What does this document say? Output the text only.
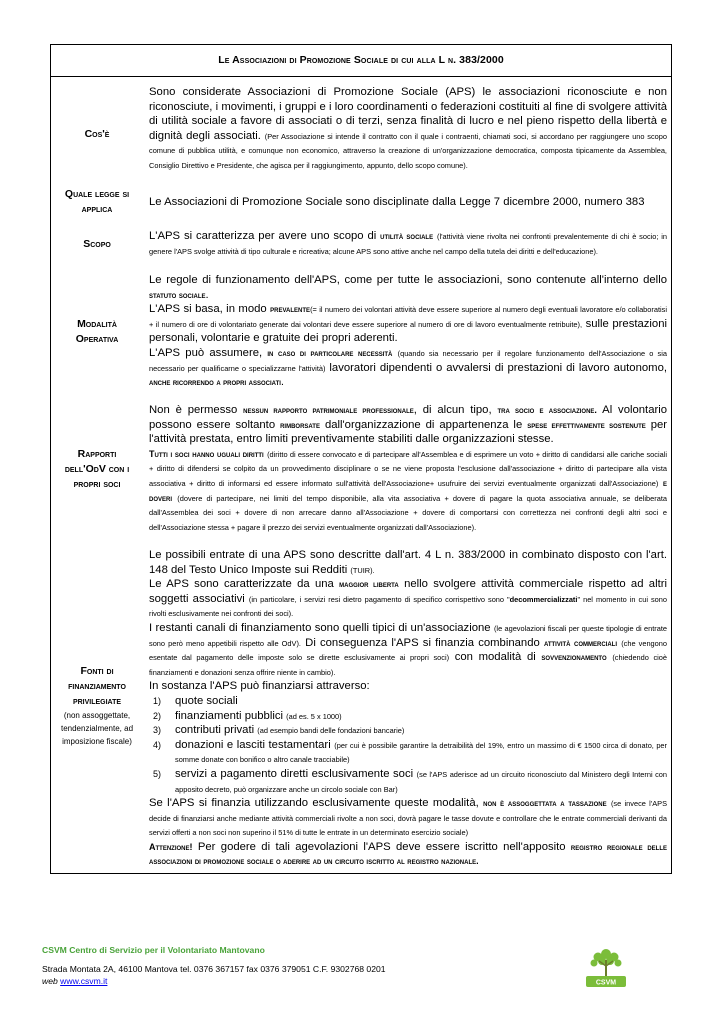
Le Associazioni di Promozione Sociale di cui alla L n. 383/2000
Cos'è
Sono considerate Associazioni di Promozione Sociale (APS) le associazioni riconosciute e non riconosciute, i movimenti, i gruppi e i loro coordinamenti o federazioni costituiti al fine di svolgere attività di utilità sociale a favore di associati o di terzi, senza finalità di lucro e nel pieno rispetto della libertà e dignità degli associati. (Per Associazione si intende il contratto con il quale i contraenti, chiamati soci, si accordano per raggiungere uno scopo comune di pubblica utilità, e comunque non economico, attraverso la creazione di un'organizzazione democratica, composta tipicamente da Assemblea, Consiglio Direttivo e Presidente, che agisca per il raggiungimento, appunto, dello scopo comune).
Quale legge si applica
Le Associazioni di Promozione Sociale sono disciplinate dalla Legge 7 dicembre 2000, numero 383
Scopo
L'APS si caratterizza per avere uno scopo di utilità sociale (l'attività viene rivolta nei confronti prevalentemente di chi è socio; in genere l'APS svolge attività di tipo culturale e ricreativa; alcune APS sono attive anche nel campo della tutela dei diritti e dell'educazione).
Modalità
Operativa

Le regole di funzionamento dell'APS, come per tutte le associazioni, sono contenute all'interno dello statuto sociale.

L'APS si basa, in modo prevalente(= il numero dei volontari attività deve essere superiore al numero degli eventuali lavoratore e/o collaboratisi + il numero di ore di volontariato generate dai volontari deve essere superiore al numero di ore di lavoro eventualmente retribuite), sulle prestazioni personali, volontarie e gratuite dei propri aderenti.

L'APS può assumere, in caso di particolare necessità (quando sia necessario per il regolare funzionamento dell'Associazione o sia necessario per qualificarne o specializzarne l'attività) lavoratori dipendenti o avvalersi di prestazioni di lavoro autonomo, anche ricorrendo a propri associati.

Rapporti
dell'OdV con i
propri soci

Non è permesso nessun rapporto patrimoniale professionale, di alcun tipo, tra socio e associazione. Al volontario possono essere soltanto rimborsate dall'organizzazione di appartenenza le spese effettivamente sostenute per l'attività prestata, entro limiti preventivamente stabiliti dalle organizzazioni stesse.

Tutti i soci hanno uguali diritti (diritto di essere convocato e di partecipare all'Assemblea e di esprimere un voto + diritto di candidarsi alle cariche sociali + diritto di difendersi se colpito da un provvedimento disciplinare o se ne viene proposta l'esclusione dall'associazione + diritto di partecipare alla vista associativa + diritto di informarsi ed essere informato sull'attività dell'Associazione+ usufruire dei servizi eventualmente organizzati dall'Associazione) e doveri (dovere di partecipare, nei limiti del tempo disponibile, alla vita associativa + dovere di pagare la quota associativa annuale, se deliberata dall'Assemblea dei soci + dovere di non arrecare danno all'Associazione + dovere di comportarsi con correttezza nei confronti degli altri soci e dell'Associazione stessa + pagare il prezzo dei servizi eventualmente organizzati dall'Associazione).

Fonti di
finanziamento
privilegiate
(non assoggettate, tendenzialmente, ad imposizione fiscale)

Le possibili entrate di una APS sono descritte dall'art. 4 L n. 383/2000 in combinato disposto con l'art. 148 del Testo Unico Imposte sui Redditi (TUIR).

Le APS sono caratterizzate da una maggior liberta nello svolgere attività commerciale rispetto ad altri soggetti associativi (in particolare, i servizi resi dietro pagamento di specifico corrispettivo sono "decommercializzati" nel momento in cui sono rivolti esclusivamente nei confronti dei soci).

I restanti canali di finanziamento sono quelli tipici di un'associazione (le agevolazioni fiscali per queste tipologie di entrate sono però meno appetibili rispetto alle OdV). Di conseguenza l'APS si finanzia combinando attività commerciali (che vengono esentate dal pagamento delle imposte solo se dirette esclusivamente ai propri soci) con modalità di sovvenzionamento (chiedendo cioè finanziamenti e donazioni senza offrire niente in cambio).

In sostanza l'APS può finanziarsi attraverso:

1) quote sociali
2) finanziamenti pubblici (ad es. 5 x 1000)
3) contributi privati (ad esempio bandi delle fondazioni bancarie)
4) donazioni e lasciti testamentari (per cui è possibile garantire la detraibilità del 19%, entro un massimo di € 1500 circa di donato, per somme donate con bonifico o altro canale tracciabile)
5) servizi a pagamento diretti esclusivamente soci (se l'APS aderisce ad un circuito riconosciuto dal Ministero degli Interni con apposito decreto, può organizzare anche un circolo sociale con Bar)

Se l'APS si finanzia utilizzando esclusivamente queste modalità, non è assoggettata a tassazione (se invece l'APS decide di finanziarsi anche mediante attività commerciali rivolte a non soci, dovrà pagare le tasse dovute e controllare che le entrate commerciali derivanti da servizi offerti a non soci non superino il 51% di tutte le entrate in un determinato esercizio sociale)

Attenzione! Per godere di tali agevolazioni l'APS deve essere iscritto nell'apposito registro regionale delle associazioni di promozione sociale o aderire ad un circuito iscritto al registro nazionale.

CSVM Centro di Servizio per il Volontariato Mantovano
Strada Montata 2A, 46100 Mantova tel. 0376 367157 fax 0376 379051 C.F. 9302768 0201
web www.csvm.it	CSVM
